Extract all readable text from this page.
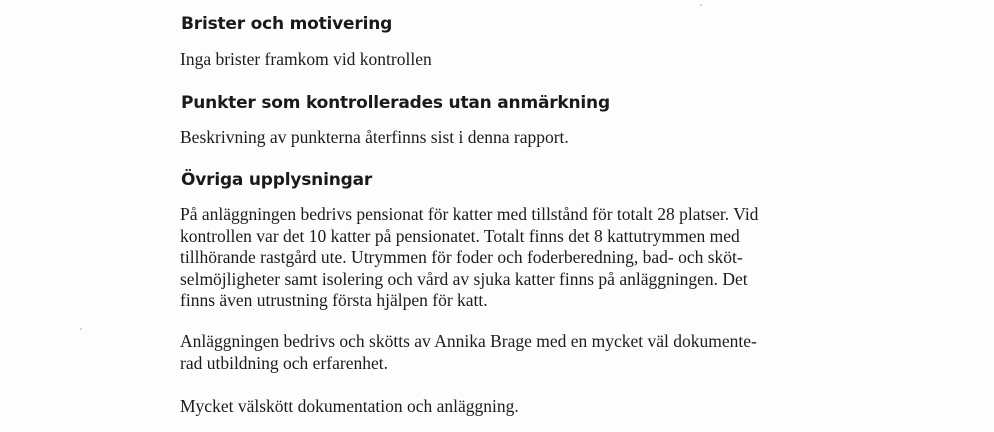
Brister och motivering
Inga brister framkom vid kontrollen
Punkter som kontrollerades utan anmärkning
Beskrivning av punkterna återfinns sist i denna rapport.
Övriga upplysningar
På anläggningen bedrivs pensionat för katter med tillstånd för totalt 28 platser. Vid
kontrollen var det 10 katter på pensionatet. Totalt finns det 8 kattutrymmen med
tillhörande rastgård ute. Utrymmen för foder och foderberedning, bad- och sköt-
selmöjligheter samt isolering och vård av sjuka katter finns på anläggningen. Det
finns även utrustning första hjälpen för katt.
Anläggningen bedrivs och skötts av Annika Brage med en mycket väl dokumente-
rad utbildning och erfarenhet.
Mycket välskött dokumentation och anläggning.
